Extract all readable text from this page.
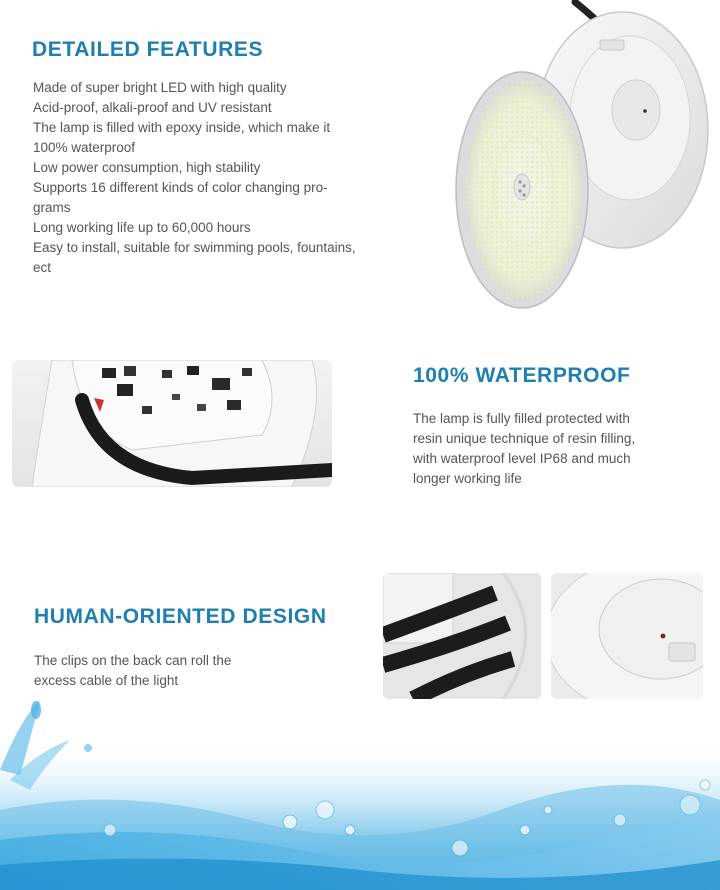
DETAILED FEATURES
Made of super bright LED with high quality
Acid-proof, alkali-proof and UV resistant
The lamp is filled with epoxy inside, which make it
100% waterproof
Low power consumption, high stability
Supports 16 different kinds of color changing pro-
grams
Long working life up to 60,000 hours
Easy to install, suitable for swimming pools, fountains,
ect
100% WATERPROOF
The lamp is fully filled protected with
resin unique technique of resin filling,
with waterproof level IP68 and much
longer working life
HUMAN-ORIENTED DESIGN
The clips on the back can roll the
excess cable of the light
